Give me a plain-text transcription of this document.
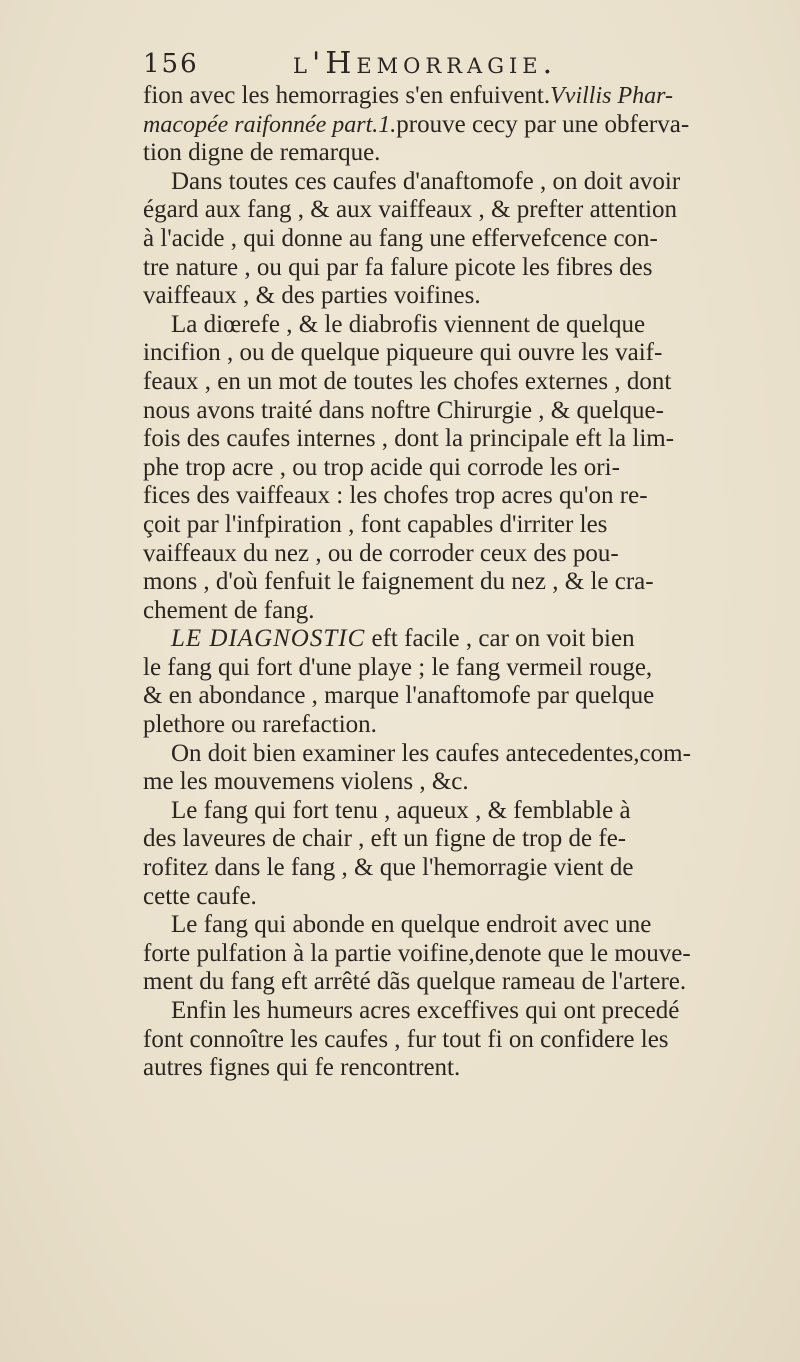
156	l'Hemorragie.
fion avec les hemorragies s'en enfuivent.Vvillis Phar-
macopée raifonnée part.1.prouve cecy par une obferva-
tion digne de remarque.
Dans toutes ces caufes d'anaftomofe , on doit avoir
égard aux fang , & aux vaiffeaux , & prefter attention
à l'acide , qui donne au fang une effervefcence con-
tre nature , ou qui par fa falure picote les fibres des
vaiffeaux , & des parties voifines.
La diœrefe , & le diabrofis viennent de quelque
incifion , ou de quelque piqueure qui ouvre les vaif-
feaux , en un mot de toutes les chofes externes , dont
nous avons traité dans noftre Chirurgie , & quelque-
fois des caufes internes , dont la principale eft la lim-
phe trop acre , ou trop acide qui corrode les ori-
fices des vaiffeaux : les chofes trop acres qu'on re-
çoit par l'infpiration , font capables d'irriter les
vaiffeaux du nez , ou de corroder ceux des pou-
mons , d'où fenfuit le faignement du nez , & le cra-
chement de fang.
LE DIAGNOSTIC eft facile , car on voit bien
le fang qui fort d'une playe ; le fang vermeil rouge,
& en abondance , marque l'anaftomofe par quelque
plethore ou rarefaction.
On doit bien examiner les caufes antecedentes,com-
me les mouvemens violens , &c.
Le fang qui fort tenu , aqueux , & femblable à
des laveures de chair , eft un figne de trop de fe-
rofitez dans le fang , & que l'hemorragie vient de
cette caufe.
Le fang qui abonde en quelque endroit avec une
forte pulfation à la partie voifine,denote que le mouve-
ment du fang eft arrêté dãs quelque rameau de l'artere.
Enfin les humeurs acres exceffives qui ont precedé
font connoître les caufes , fur tout fi on confidere les
autres fignes qui fe rencontrent.
